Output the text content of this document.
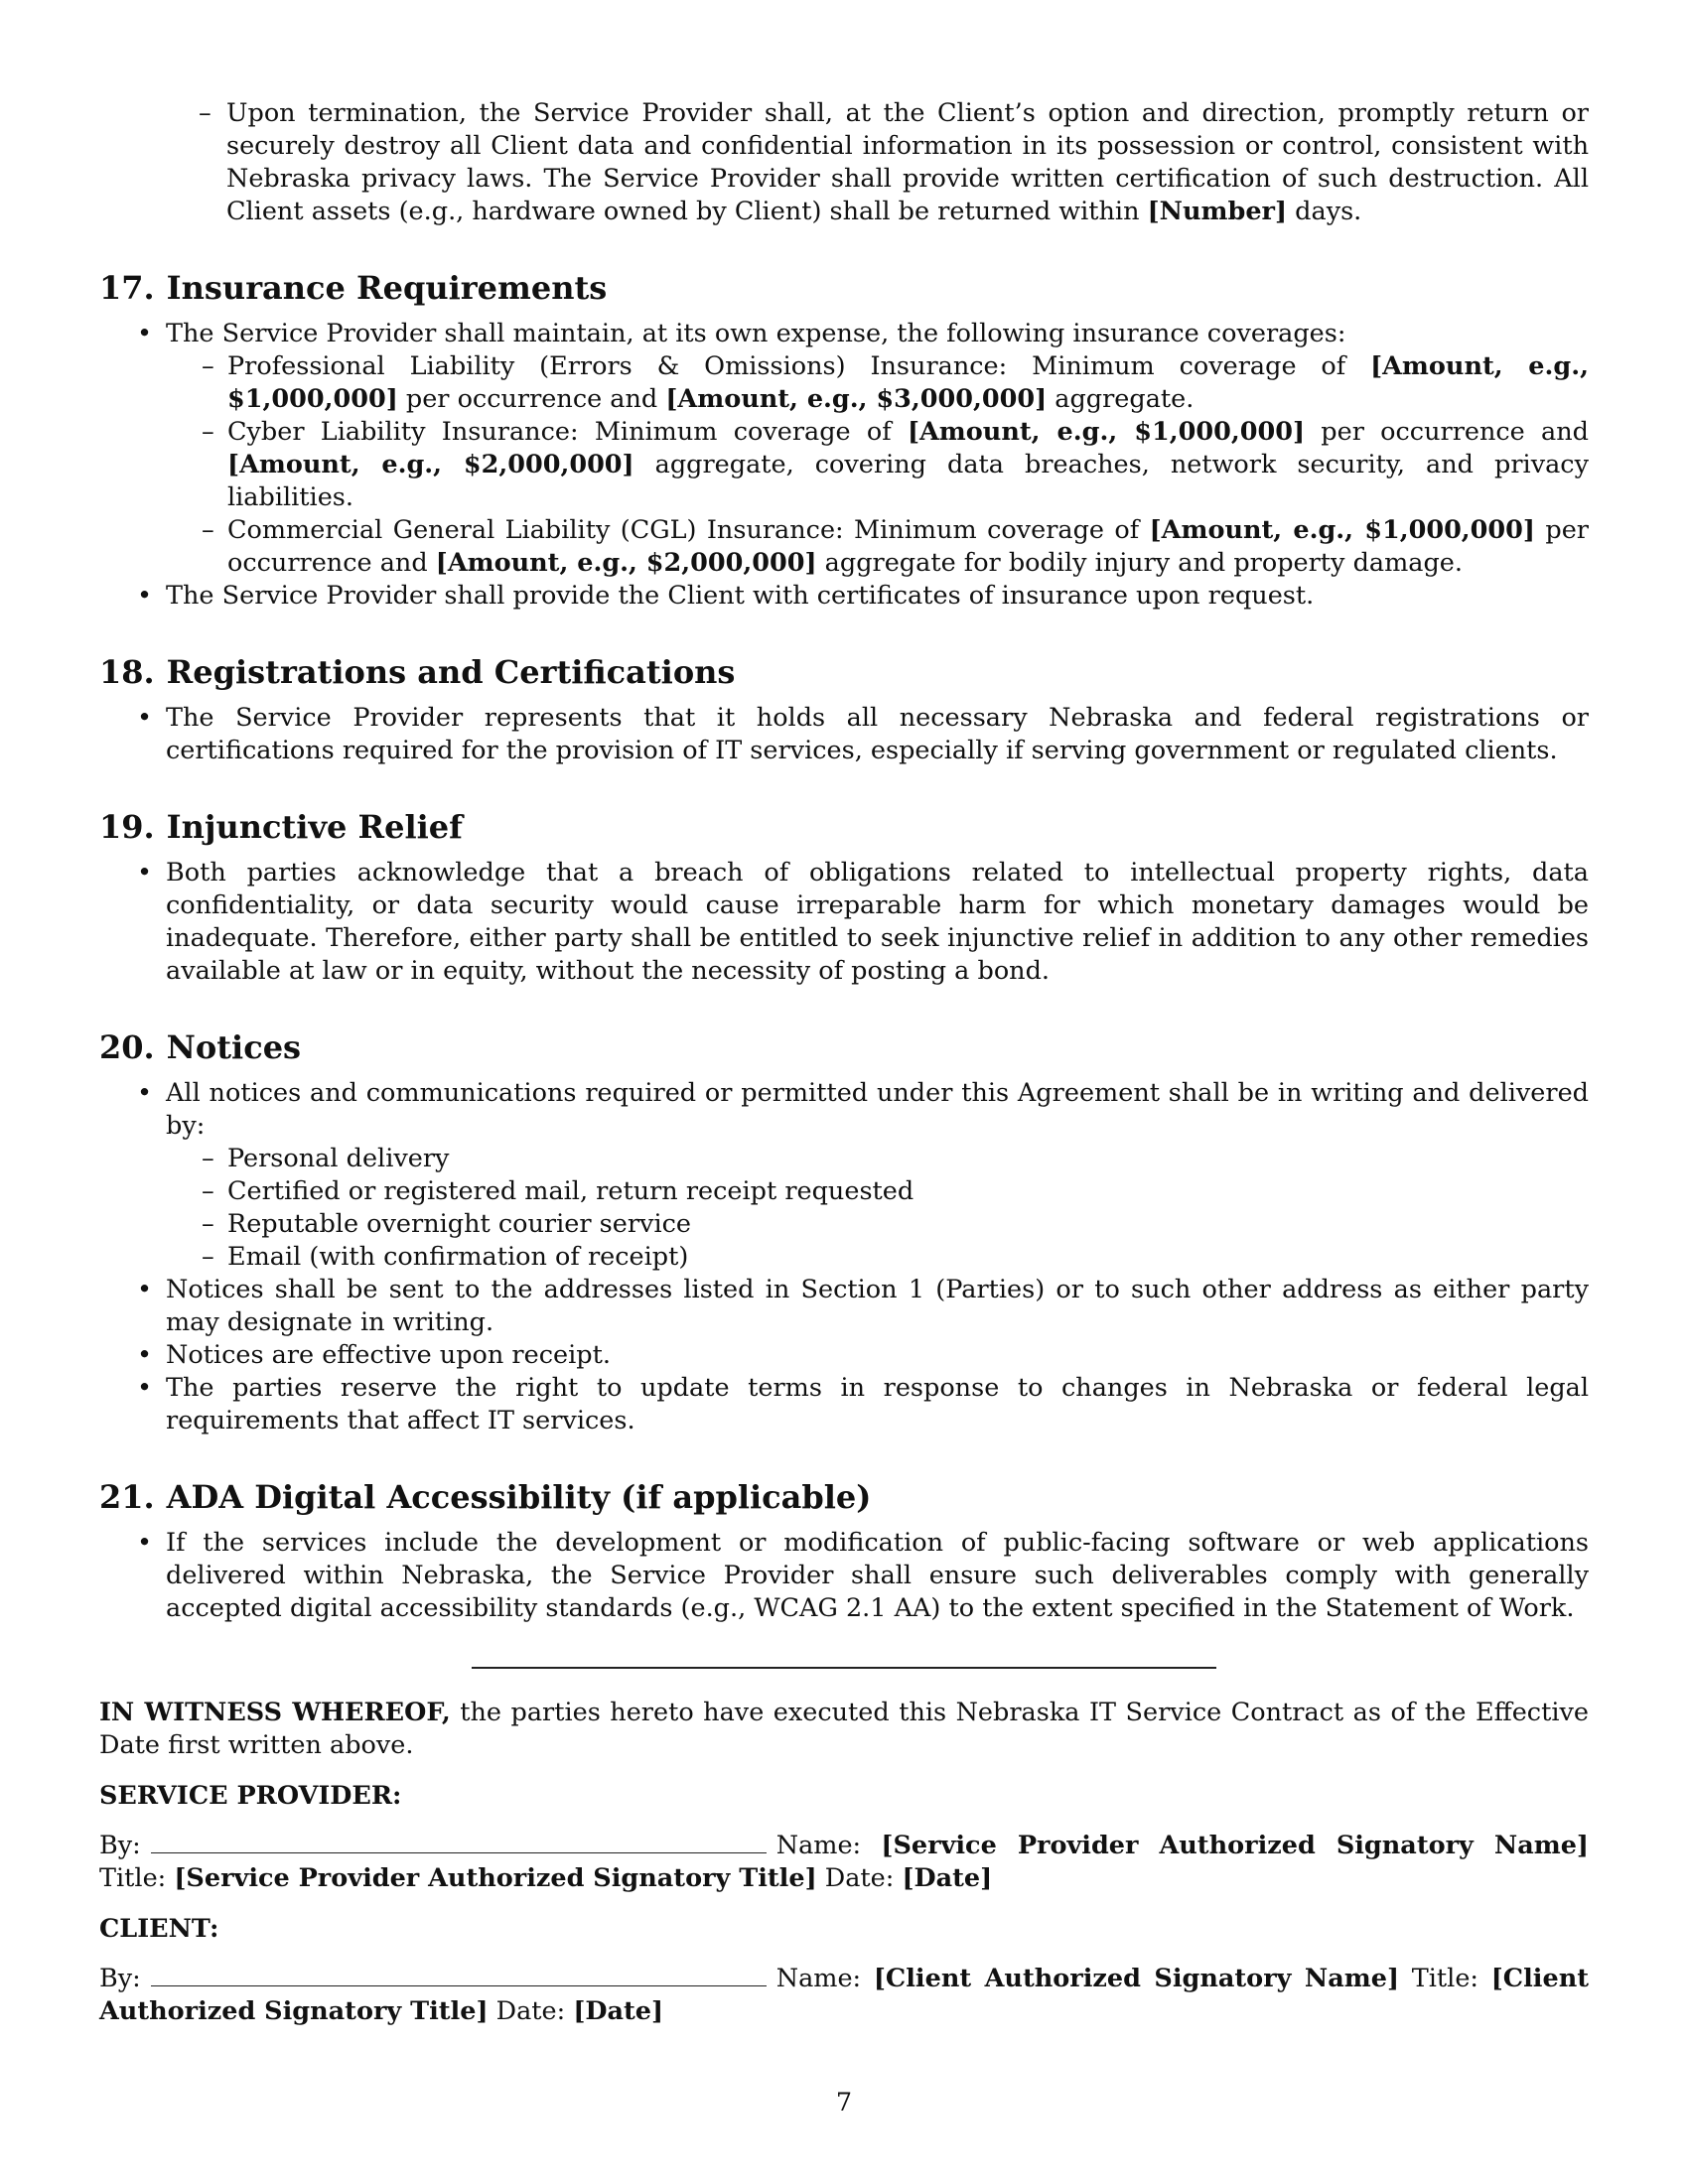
– Upon termination, the Service Provider shall, at the Client’s option and direction, promptly return or securely destroy all Client data and confidential information in its possession or control, consistent with Nebraska privacy laws. The Service Provider shall provide written certification of such destruction. All Client assets (e.g., hardware owned by Client) shall be returned within [Number] days.
17. Insurance Requirements
• The Service Provider shall maintain, at its own expense, the following insurance coverages:
– Professional Liability (Errors & Omissions) Insurance: Minimum coverage of [Amount, e.g., $1,000,000] per occurrence and [Amount, e.g., $3,000,000] aggregate.
– Cyber Liability Insurance: Minimum coverage of [Amount, e.g., $1,000,000] per occurrence and [Amount, e.g., $2,000,000] aggregate, covering data breaches, network security, and privacy liabilities.
– Commercial General Liability (CGL) Insurance: Minimum coverage of [Amount, e.g., $1,000,000] per occurrence and [Amount, e.g., $2,000,000] aggregate for bodily injury and property damage.
• The Service Provider shall provide the Client with certificates of insurance upon request.
18. Registrations and Certifications
• The Service Provider represents that it holds all necessary Nebraska and federal registrations or certifications required for the provision of IT services, especially if serving government or regulated clients.
19. Injunctive Relief
• Both parties acknowledge that a breach of obligations related to intellectual property rights, data confidentiality, or data security would cause irreparable harm for which monetary damages would be inadequate. Therefore, either party shall be entitled to seek injunctive relief in addition to any other remedies available at law or in equity, without the necessity of posting a bond.
20. Notices
• All notices and communications required or permitted under this Agreement shall be in writing and delivered by:
– Personal delivery
– Certified or registered mail, return receipt requested
– Reputable overnight courier service
– Email (with confirmation of receipt)
• Notices shall be sent to the addresses listed in Section 1 (Parties) or to such other address as either party may designate in writing.
• Notices are effective upon receipt.
• The parties reserve the right to update terms in response to changes in Nebraska or federal legal requirements that affect IT services.
21. ADA Digital Accessibility (if applicable)
• If the services include the development or modification of public-facing software or web applications delivered within Nebraska, the Service Provider shall ensure such deliverables comply with generally accepted digital accessibility standards (e.g., WCAG 2.1 AA) to the extent specified in the Statement of Work.

IN WITNESS WHEREOF, the parties hereto have executed this Nebraska IT Service Contract as of the Effective Date first written above.

SERVICE PROVIDER:

By:	Name: [Service Provider Authorized Signatory Name] Title: [Service Provider Authorized Signatory Title] Date: [Date]

CLIENT:

By:	Name: [Client Authorized Signatory Name] Title: [Client Authorized Signatory Title] Date: [Date]

7
